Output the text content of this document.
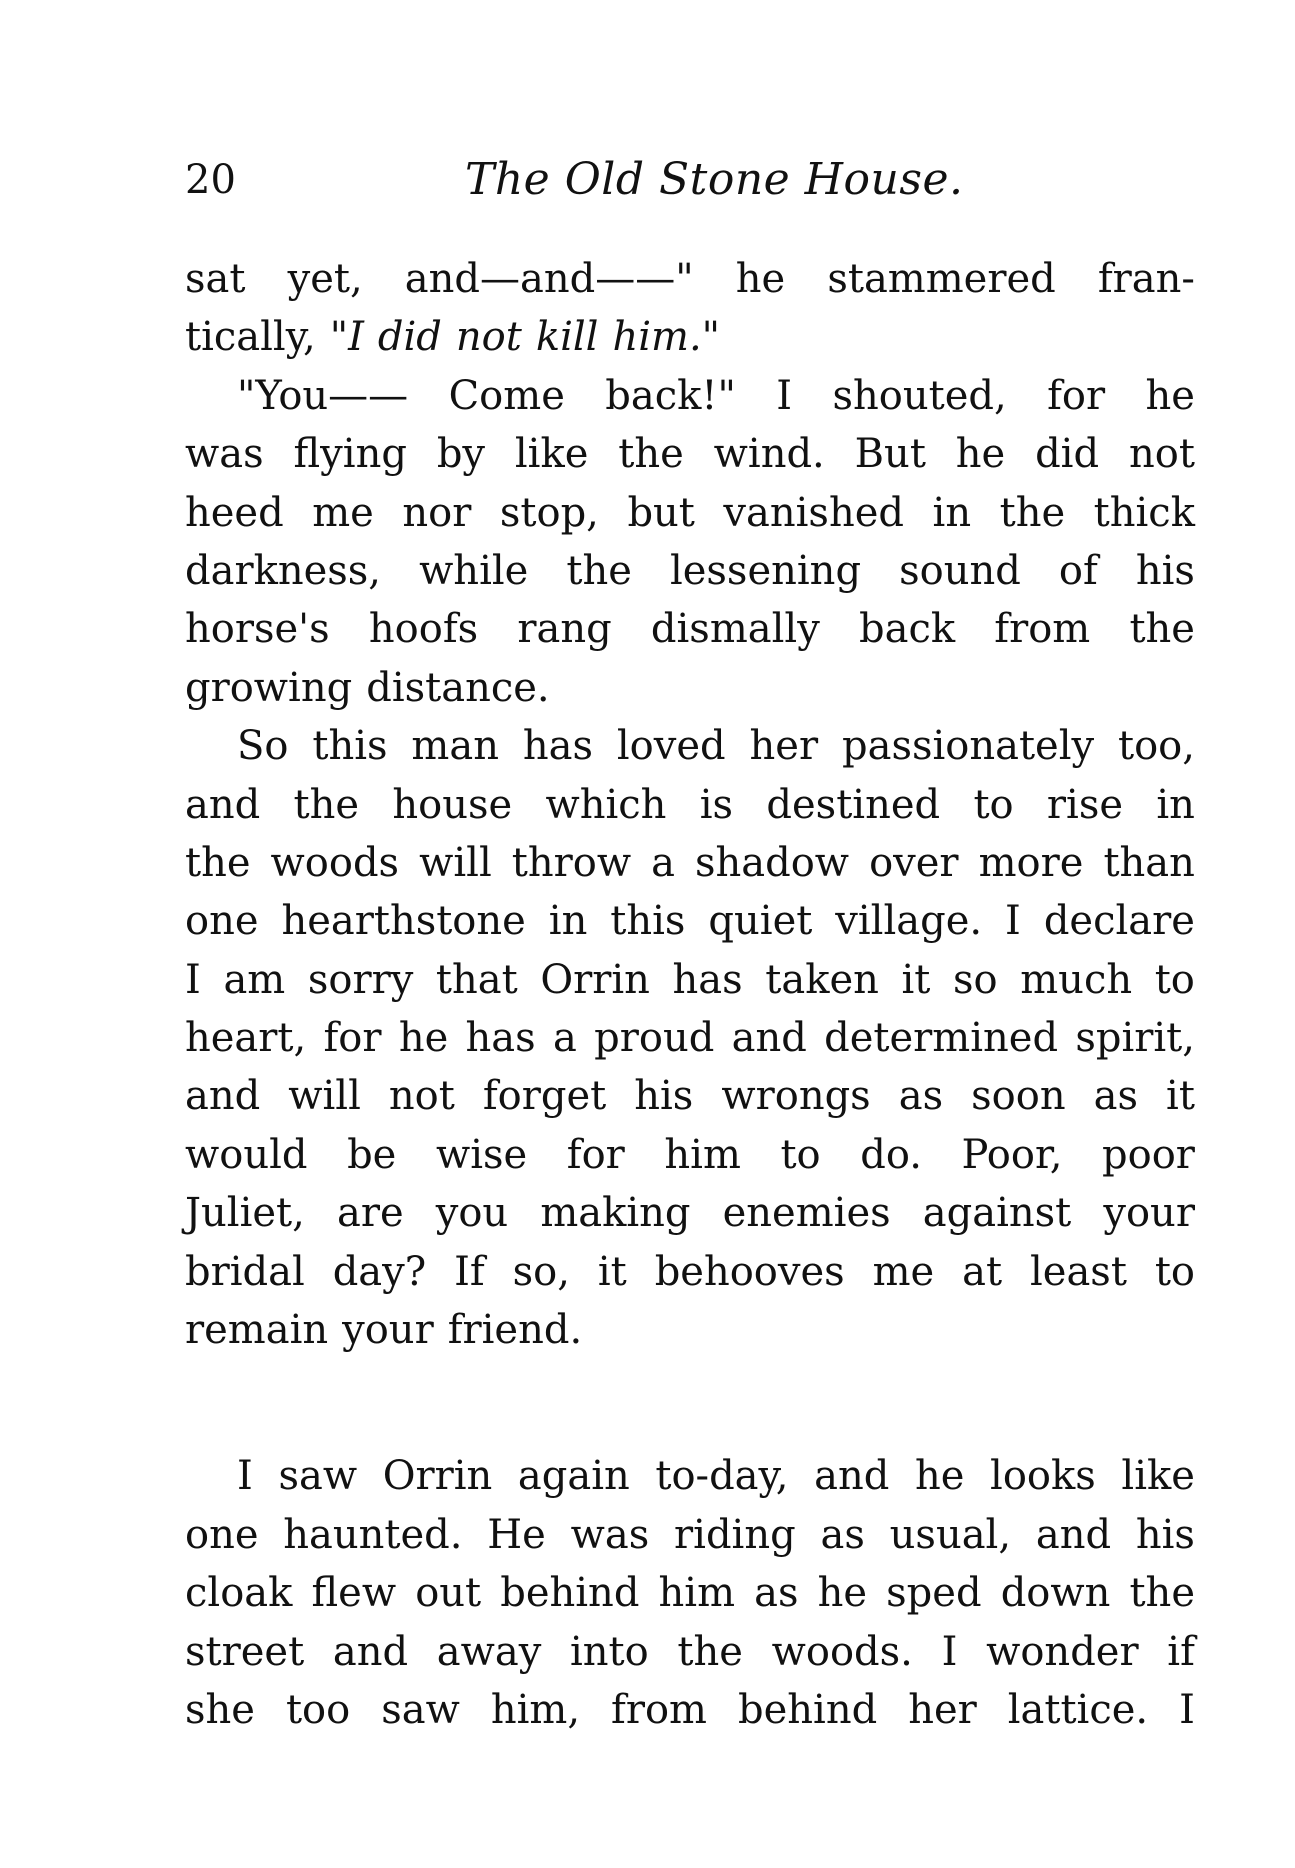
20	The Old Stone House.
sat yet, and—and——" he stammered fran-
tically, "I did not kill him."
"You—— Come back!" I shouted, for he
was flying by like the wind. But he did not
heed me nor stop, but vanished in the thick
darkness, while the lessening sound of his
horse's hoofs rang dismally back from the
growing distance.
So this man has loved her passionately too,
and the house which is destined to rise in
the woods will throw a shadow over more than
one hearthstone in this quiet village. I declare
I am sorry that Orrin has taken it so much to
heart, for he has a proud and determined spirit,
and will not forget his wrongs as soon as it
would be wise for him to do. Poor, poor
Juliet, are you making enemies against your
bridal day? If so, it behooves me at least to
remain your friend.
I saw Orrin again to-day, and he looks like
one haunted. He was riding as usual, and his
cloak flew out behind him as he sped down the
street and away into the woods. I wonder if
she too saw him, from behind her lattice. I
